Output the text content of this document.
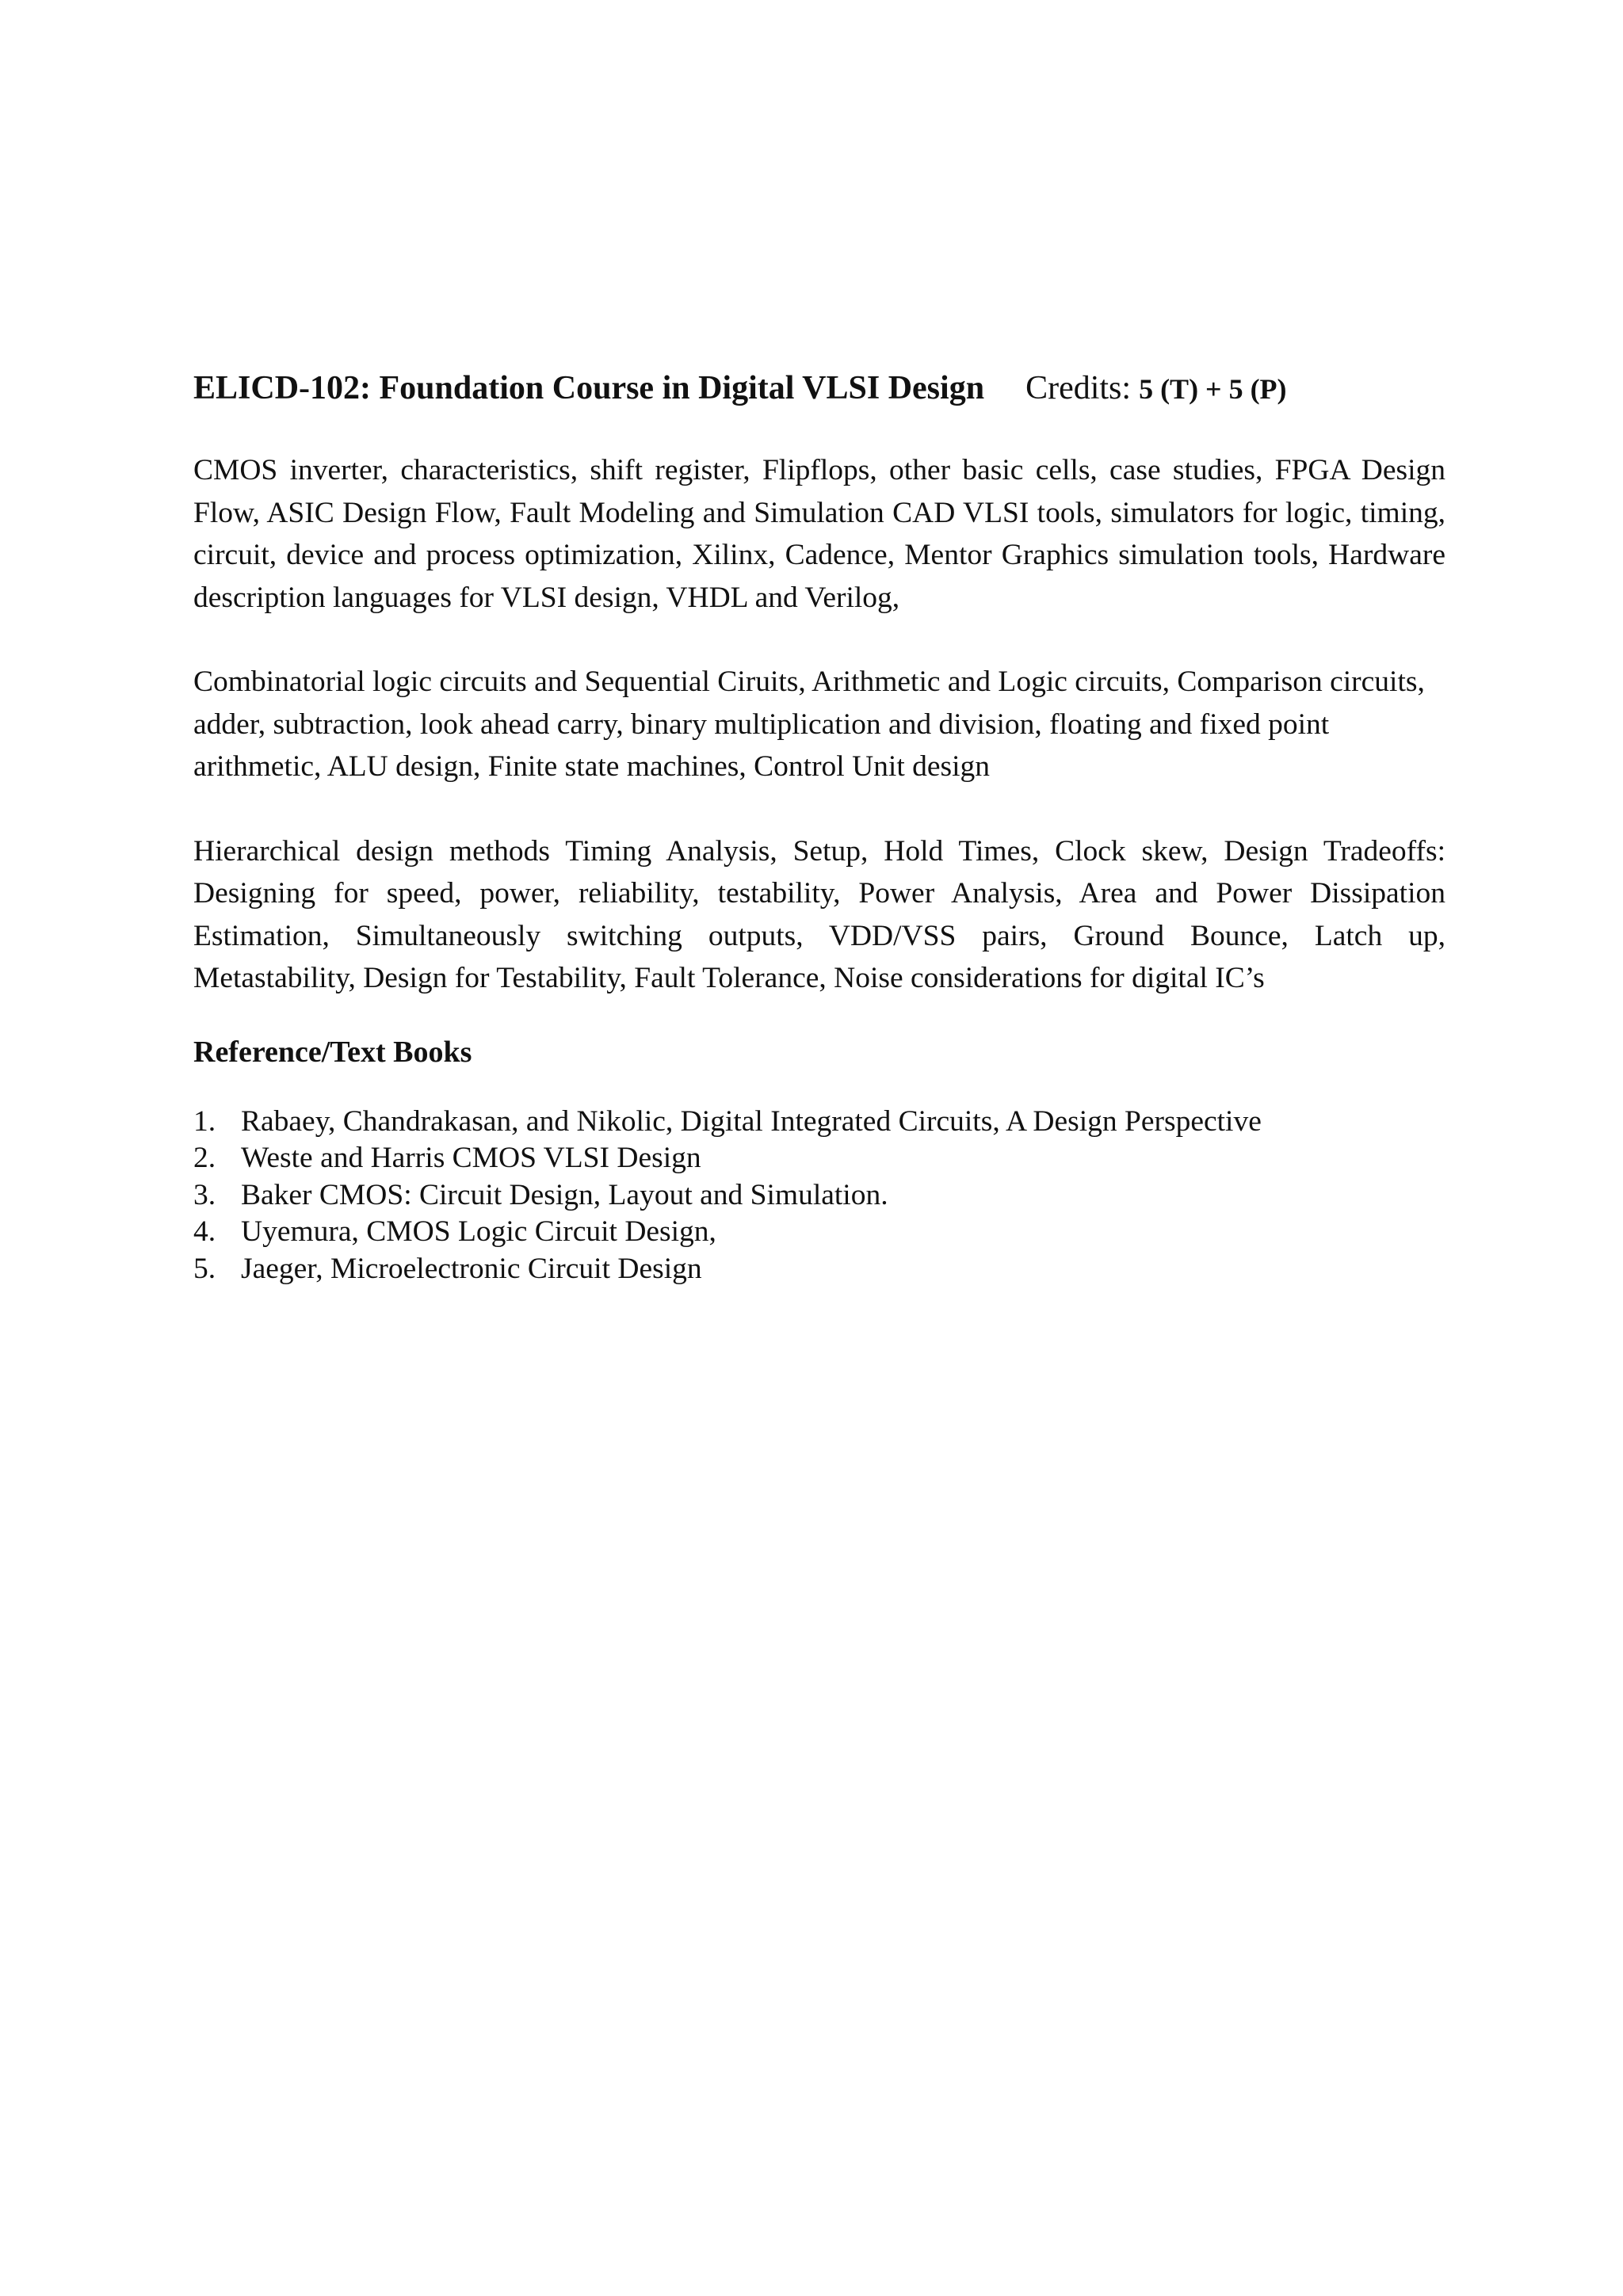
ELICD-102: Foundation Course in Digital VLSI Design Credits: 5 (T) + 5 (P)

CMOS inverter, characteristics, shift register, Flipflops, other basic cells, case studies, FPGA Design Flow, ASIC Design Flow, Fault Modeling and Simulation CAD VLSI tools, simulators for logic, timing, circuit, device and process optimization, Xilinx, Cadence, Mentor Graphics simulation tools, Hardware description languages for VLSI design, VHDL and Verilog,

Combinatorial logic circuits and Sequential Ciruits, Arithmetic and Logic circuits, Comparison circuits, adder, subtraction, look ahead carry, binary multiplication and division, floating and fixed point arithmetic, ALU design, Finite state machines, Control Unit design

Hierarchical design methods Timing Analysis, Setup, Hold Times, Clock skew, Design Tradeoffs: Designing for speed, power, reliability, testability, Power Analysis, Area and Power Dissipation Estimation, Simultaneously switching outputs, VDD/VSS pairs, Ground Bounce, Latch up, Metastability, Design for Testability, Fault Tolerance, Noise considerations for digital IC’s

Reference/Text Books
1. Rabaey, Chandrakasan, and Nikolic, Digital Integrated Circuits, A Design Perspective
2. Weste and Harris CMOS VLSI Design
3. Baker CMOS: Circuit Design, Layout and Simulation.
4. Uyemura, CMOS Logic Circuit Design,
5. Jaeger, Microelectronic Circuit Design
